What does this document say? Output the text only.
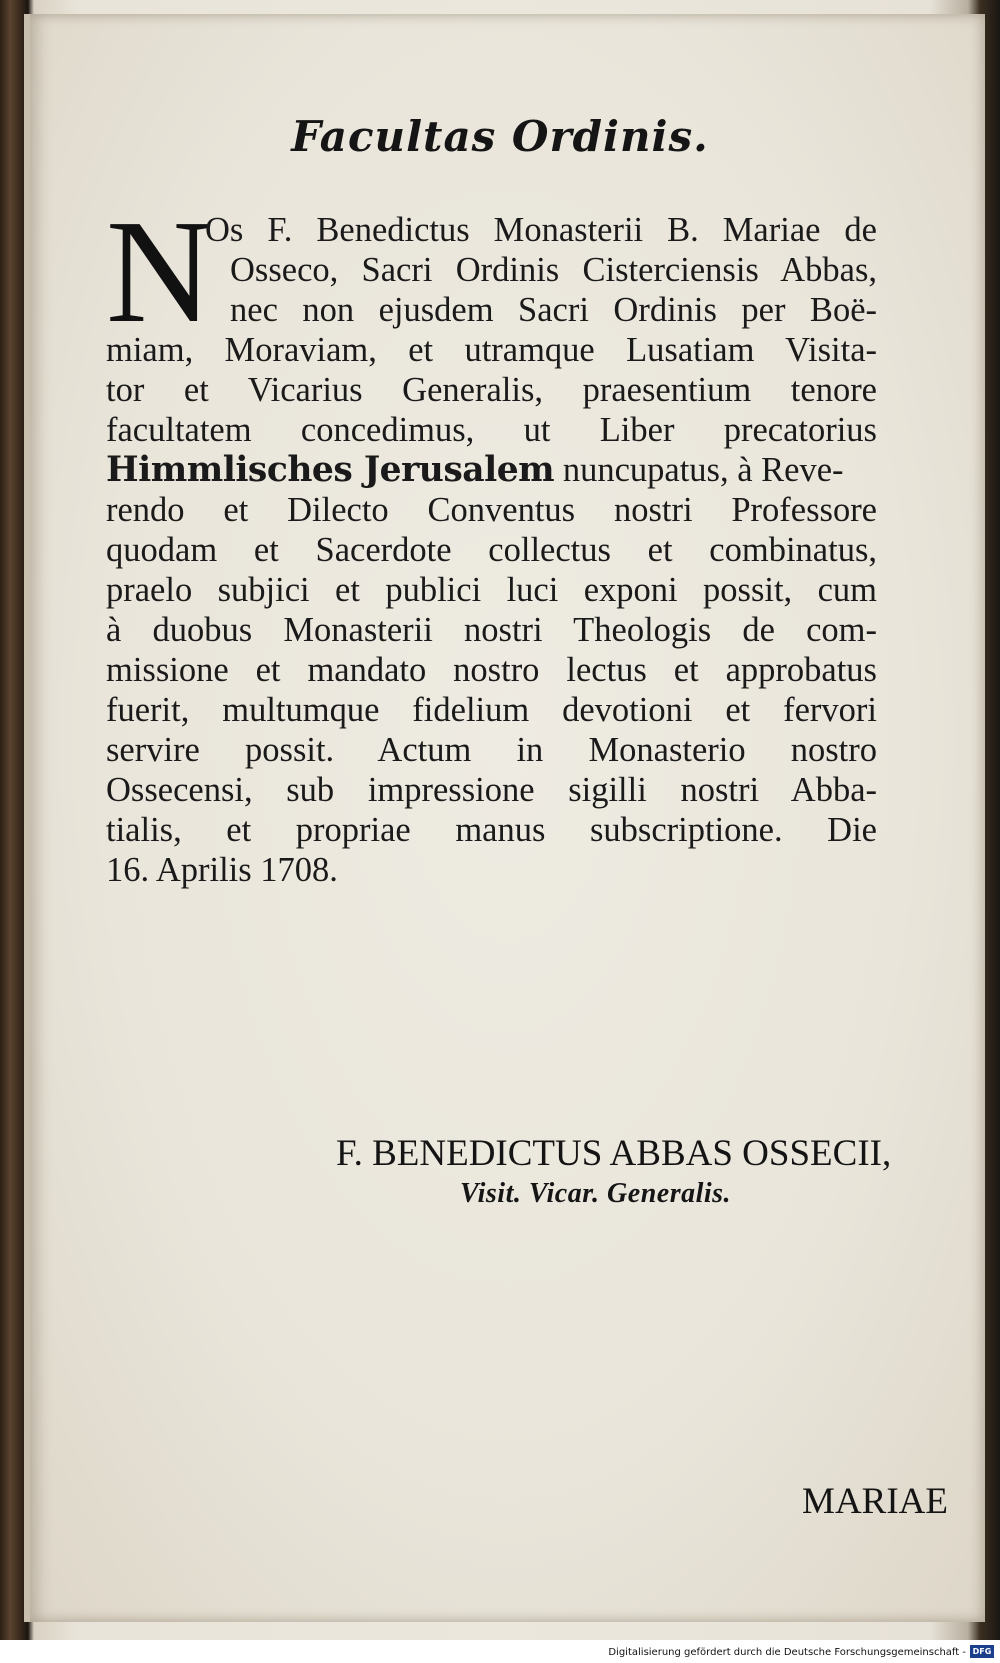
Facultas Ordinis.
N
Os F. Benedictus Monasterii B. Mariae de
Osseco, Sacri Ordinis Cisterciensis Abbas,
nec non ejusdem Sacri Ordinis per Boë-
miam, Moraviam, et utramque Lusatiam Visita-
tor et Vicarius Generalis, praesentium tenore
facultatem concedimus, ut Liber precatorius
Himmlisches Jerusalem nuncupatus, à Reve-
rendo et Dilecto Conventus nostri Professore
quodam et Sacerdote collectus et combinatus,
praelo subjici et publici luci exponi possit, cum
à duobus Monasterii nostri Theologis de com-
missione et mandato nostro lectus et approbatus
fuerit, multumque fidelium devotioni et fervori
servire possit. Actum in Monasterio nostro
Ossecensi, sub impressione sigilli nostri Abba-
tialis, et propriae manus subscriptione. Die
16. Aprilis 1708.
F. BENEDICTUS ABBAS OSSECII,
Visit. Vicar. Generalis.
MARIAE
Digitalisierung gefördert durch die Deutsche Forschungsgemeinschaft - DFG
